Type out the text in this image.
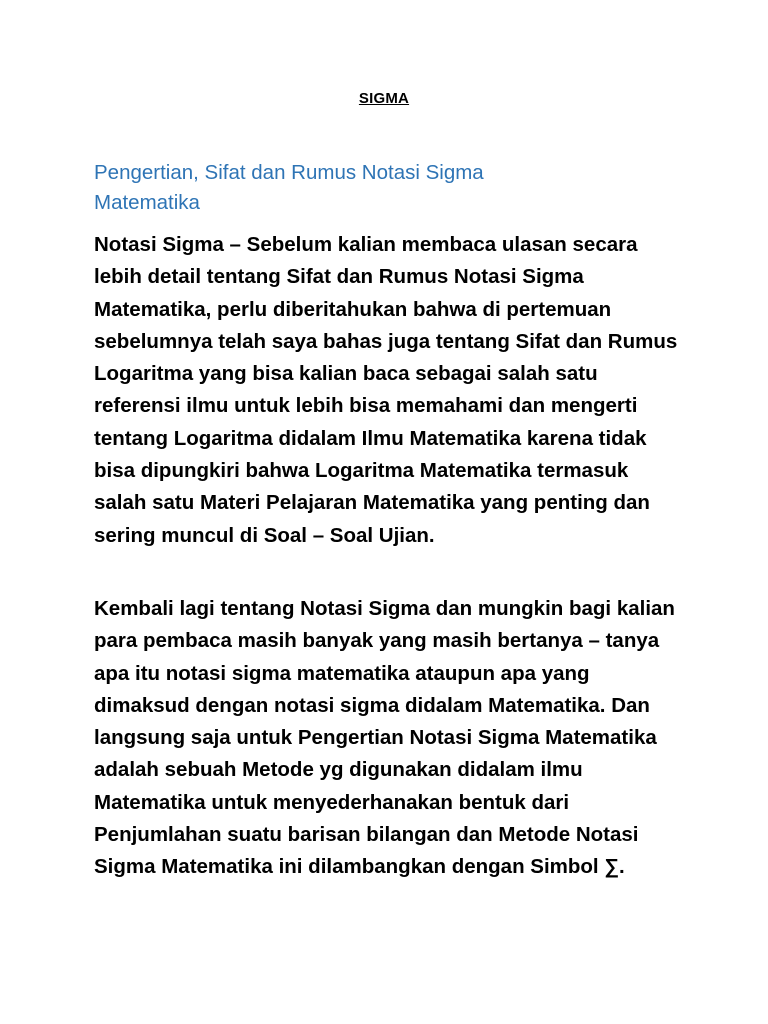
SIGMA
Pengertian, Sifat dan Rumus Notasi Sigma Matematika

Notasi Sigma – Sebelum kalian membaca ulasan secara lebih detail tentang Sifat dan Rumus Notasi Sigma Matematika, perlu diberitahukan bahwa di pertemuan sebelumnya telah saya bahas juga tentang Sifat dan Rumus Logaritma yang bisa kalian baca sebagai salah satu referensi ilmu untuk lebih bisa memahami dan mengerti tentang Logaritma didalam Ilmu Matematika karena tidak bisa dipungkiri bahwa Logaritma Matematika termasuk salah satu Materi Pelajaran Matematika yang penting dan sering muncul di Soal – Soal Ujian.

Kembali lagi tentang Notasi Sigma dan mungkin bagi kalian para pembaca masih banyak yang masih bertanya – tanya apa itu notasi sigma matematika ataupun apa yang dimaksud dengan notasi sigma didalam Matematika. Dan langsung saja untuk Pengertian Notasi Sigma Matematika adalah sebuah Metode yg digunakan didalam ilmu Matematika untuk menyederhanakan bentuk dari Penjumlahan suatu barisan bilangan dan Metode Notasi Sigma Matematika ini dilambangkan dengan Simbol ∑.
